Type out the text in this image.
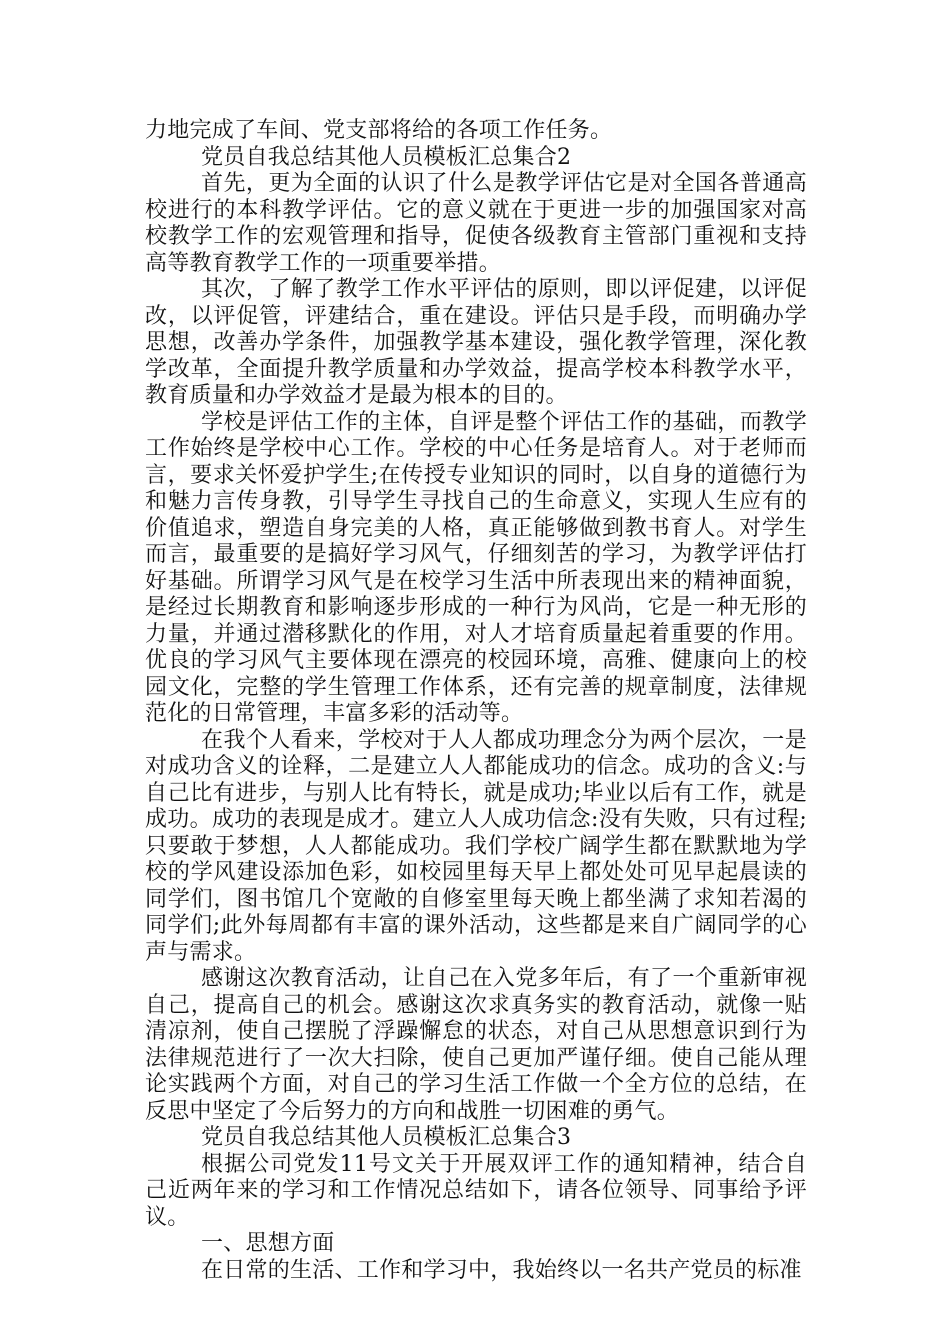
力地完成了车间、党支部将给的各项工作任务。

党员自我总结其他人员模板汇总集合2

首先，更为全面的认识了什么是教学评估它是对全国各普通高校进行的本科教学评估。它的意义就在于更进一步的加强国家对高校教学工作的宏观管理和指导，促使各级教育主管部门重视和支持高等教育教学工作的一项重要举措。

其次，了解了教学工作水平评估的原则，即以评促建，以评促改，以评促管，评建结合，重在建设。评估只是手段，而明确办学思想，改善办学条件，加强教学基本建设，强化教学管理，深化教学改革，全面提升教学质量和办学效益，提高学校本科教学水平，教育质量和办学效益才是最为根本的目的。

学校是评估工作的主体，自评是整个评估工作的基础，而教学工作始终是学校中心工作。学校的中心任务是培育人。对于老师而言，要求关怀爱护学生;在传授专业知识的同时，以自身的道德行为和魅力言传身教，引导学生寻找自己的生命意义，实现人生应有的价值追求，塑造自身完美的人格，真正能够做到教书育人。对学生而言，最重要的是搞好学习风气，仔细刻苦的学习，为教学评估打好基础。所谓学习风气是在校学习生活中所表现出来的精神面貌，是经过长期教育和影响逐步形成的一种行为风尚，它是一种无形的力量，并通过潜移默化的作用，对人才培育质量起着重要的作用。优良的学习风气主要体现在漂亮的校园环境，高雅、健康向上的校园文化，完整的学生管理工作体系，还有完善的规章制度，法律规范化的日常管理，丰富多彩的活动等。

在我个人看来，学校对于人人都成功理念分为两个层次，一是对成功含义的诠释，二是建立人人都能成功的信念。成功的含义:与自己比有进步，与别人比有特长，就是成功;毕业以后有工作，就是成功。成功的表现是成才。建立人人成功信念:没有失败，只有过程;只要敢于梦想，人人都能成功。我们学校广阔学生都在默默地为学校的学风建设添加色彩，如校园里每天早上都处处可见早起晨读的同学们，图书馆几个宽敞的自修室里每天晚上都坐满了求知若渴的同学们;此外每周都有丰富的课外活动，这些都是来自广阔同学的心声与需求。

感谢这次教育活动，让自己在入党多年后，有了一个重新审视自己，提高自己的机会。感谢这次求真务实的教育活动，就像一贴清凉剂，使自己摆脱了浮躁懈怠的状态，对自己从思想意识到行为法律规范进行了一次大扫除，使自己更加严谨仔细。使自己能从理论实践两个方面，对自己的学习生活工作做一个全方位的总结，在反思中坚定了今后努力的方向和战胜一切困难的勇气。

党员自我总结其他人员模板汇总集合3

根据公司党发11号文关于开展双评工作的通知精神，结合自己近两年来的学习和工作情况总结如下，请各位领导、同事给予评议。

一、思想方面

在日常的生活、工作和学习中，我始终以一名共产党员的标准
